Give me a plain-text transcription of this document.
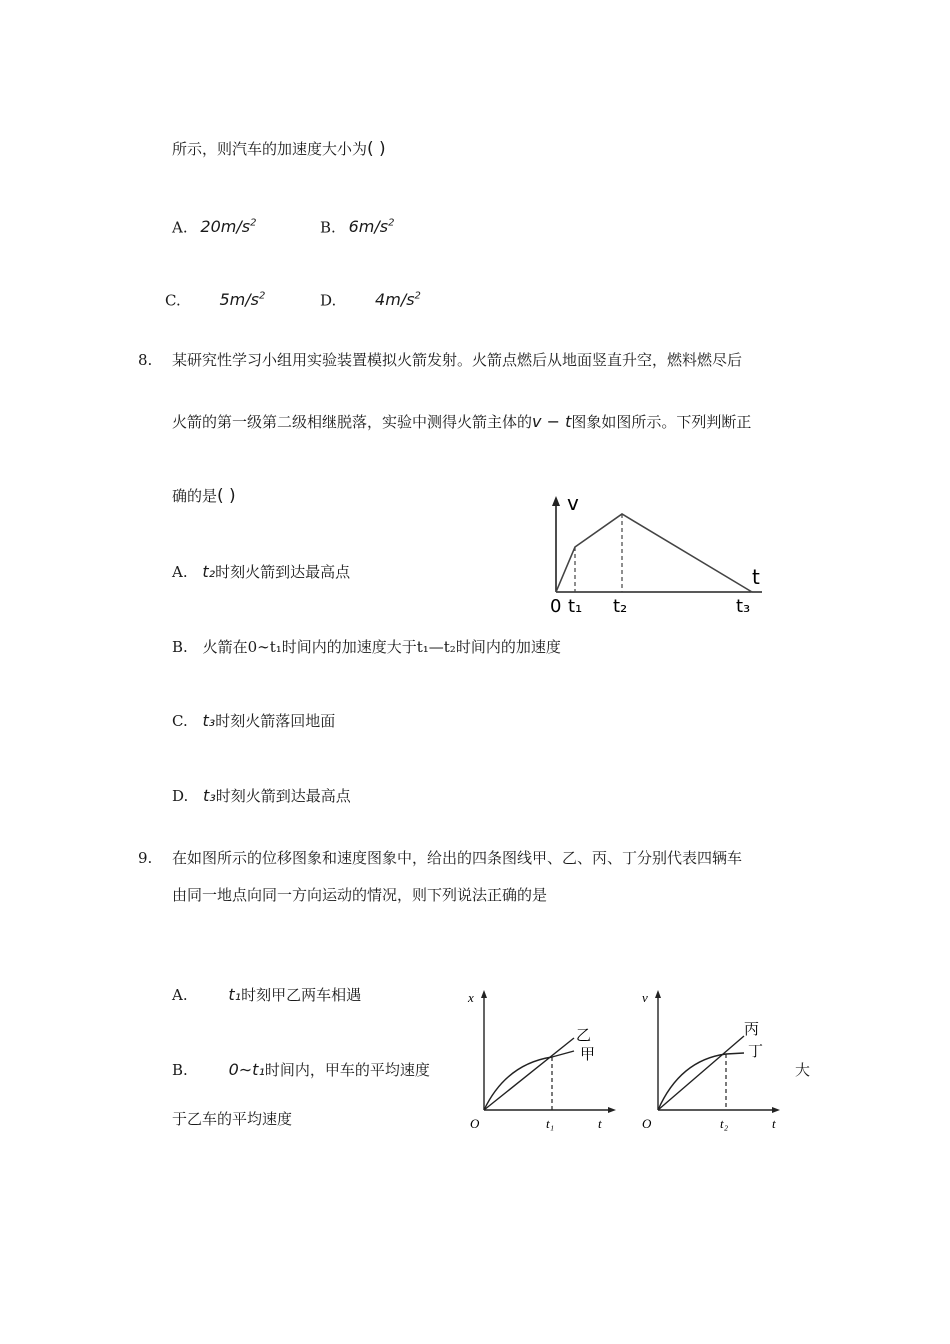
所示，则汽车的加速度大小为( )
A. $20m/s^2$	B. $6m/s^2$
C. $5m/s^2$	D. $4m/s^2$
8. 某研究性学习小组用实验装置模拟火箭发射。火箭点燃后从地面竖直升空，燃料燃尽后
火箭的第一级第二级相继脱落，实验中测得火箭主体的v − t图象如图所示。下列判断正
确的是( )
A. t₂时刻火箭到达最高点
B. 火箭在0∼t₁时间内的加速度大于t₁—t₂时间内的加速度
C. t₃时刻火箭落回地面
D. t₃时刻火箭到达最高点
v
t
0 t₁ t₂	t₃
9. 在如图所示的位移图象和速度图象中，给出的四条图线甲、乙、丙、丁分别代表四辆车
由同一地点向同一方向运动的情况，则下列说法正确的是
A.	t₁时刻甲乙两车相遇
B.	0∼t₁时间内，甲车的平均速度	大
于乙车的平均速度
x
t
O	t₁
乙
甲
v
t
O	t₂
丙
丁
